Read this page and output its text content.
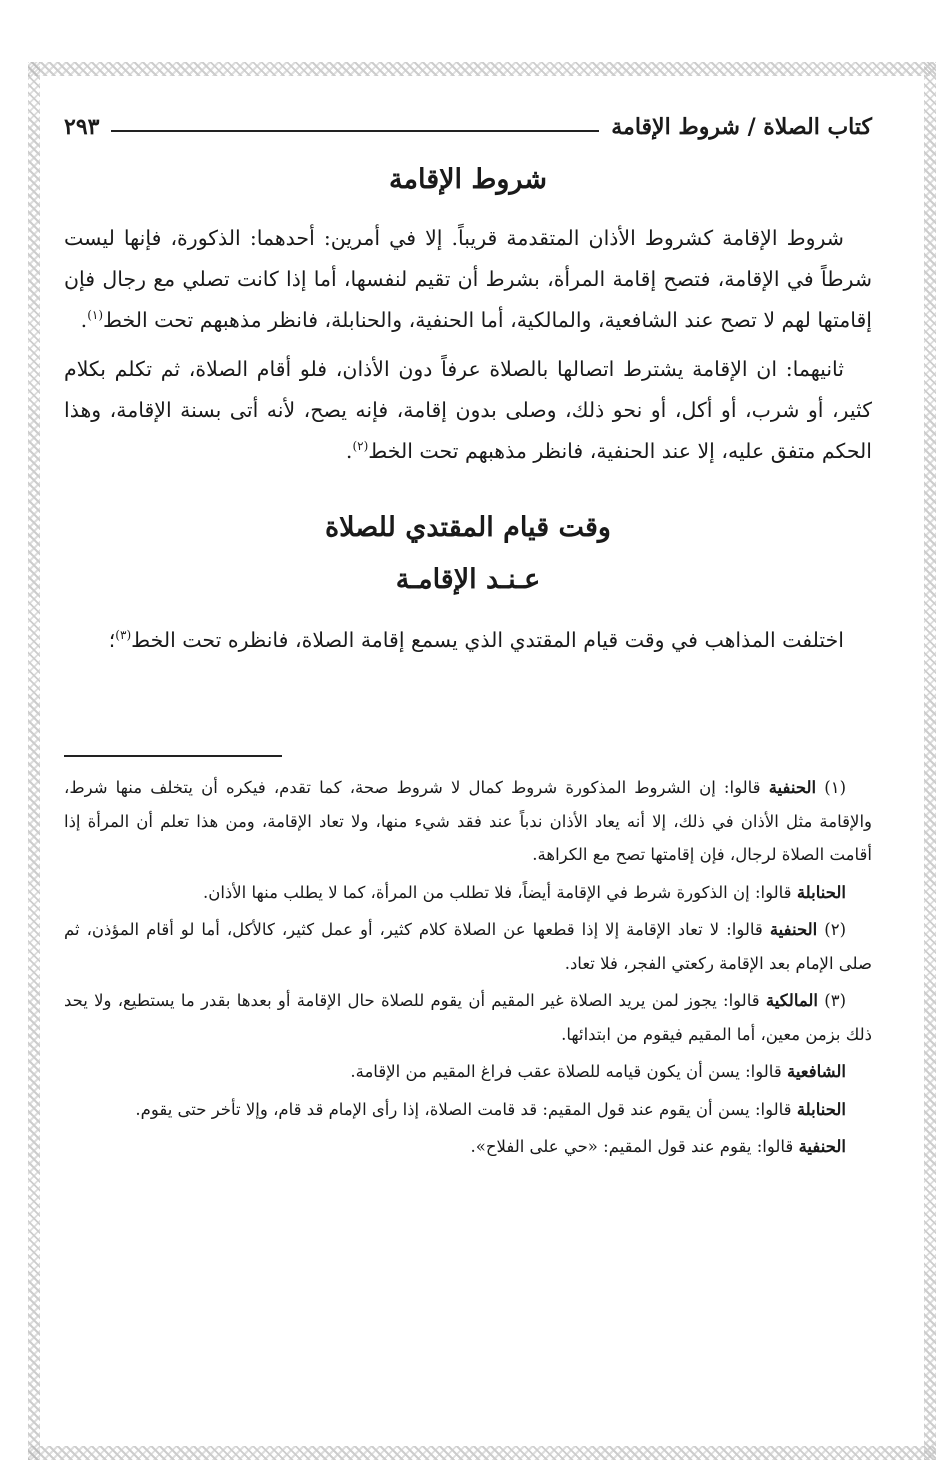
كتاب الصلاة / شروط الإقامة
٢٩٣
شروط الإقامة

شروط الإقامة كشروط الأذان المتقدمة قريباً. إلا في أمرين: أحدهما: الذكورة، فإنها ليست شرطاً في الإقامة، فتصح إقامة المرأة، بشرط أن تقيم لنفسها، أما إذا كانت تصلي مع رجال فإن إقامتها لهم لا تصح عند الشافعية، والمالكية، أما الحنفية، والحنابلة، فانظر مذهبهم تحت الخط$^{(١)}$.

ثانيهما: ان الإقامة يشترط اتصالها بالصلاة عرفاً دون الأذان، فلو أقام الصلاة، ثم تكلم بكلام كثير، أو شرب، أو أكل، أو نحو ذلك، وصلى بدون إقامة، فإنه يصح، لأنه أتى بسنة الإقامة، وهذا الحكم متفق عليه، إلا عند الحنفية، فانظر مذهبهم تحت الخط$^{(٢)}$.

وقت قيام المقتدي للصلاة
عـنـد الإقامـة

اختلفت المذاهب في وقت قيام المقتدي الذي يسمع إقامة الصلاة، فانظره تحت الخط$^{(٣)}$؛

(١) الحنفية قالوا: إن الشروط المذكورة شروط كمال لا شروط صحة، كما تقدم، فيكره أن يتخلف منها شرط، والإقامة مثل الأذان في ذلك، إلا أنه يعاد الأذان ندباً عند فقد شيء منها، ولا تعاد الإقامة، ومن هذا تعلم أن المرأة إذا أقامت الصلاة لرجال، فإن إقامتها تصح مع الكراهة.

الحنابلة قالوا: إن الذكورة شرط في الإقامة أيضاً، فلا تطلب من المرأة، كما لا يطلب منها الأذان.

(٢) الحنفية قالوا: لا تعاد الإقامة إلا إذا قطعها عن الصلاة كلام كثير، أو عمل كثير، كالأكل، أما لو أقام المؤذن، ثم صلى الإمام بعد الإقامة ركعتي الفجر، فلا تعاد.

(٣) المالكية قالوا: يجوز لمن يريد الصلاة غير المقيم أن يقوم للصلاة حال الإقامة أو بعدها بقدر ما يستطيع، ولا يحد ذلك بزمن معين، أما المقيم فيقوم من ابتدائها.

الشافعية قالوا: يسن أن يكون قيامه للصلاة عقب فراغ المقيم من الإقامة.

الحنابلة قالوا: يسن أن يقوم عند قول المقيم: قد قامت الصلاة، إذا رأى الإمام قد قام، وإلا تأخر حتى يقوم.

الحنفية قالوا: يقوم عند قول المقيم: «حي على الفلاح».
